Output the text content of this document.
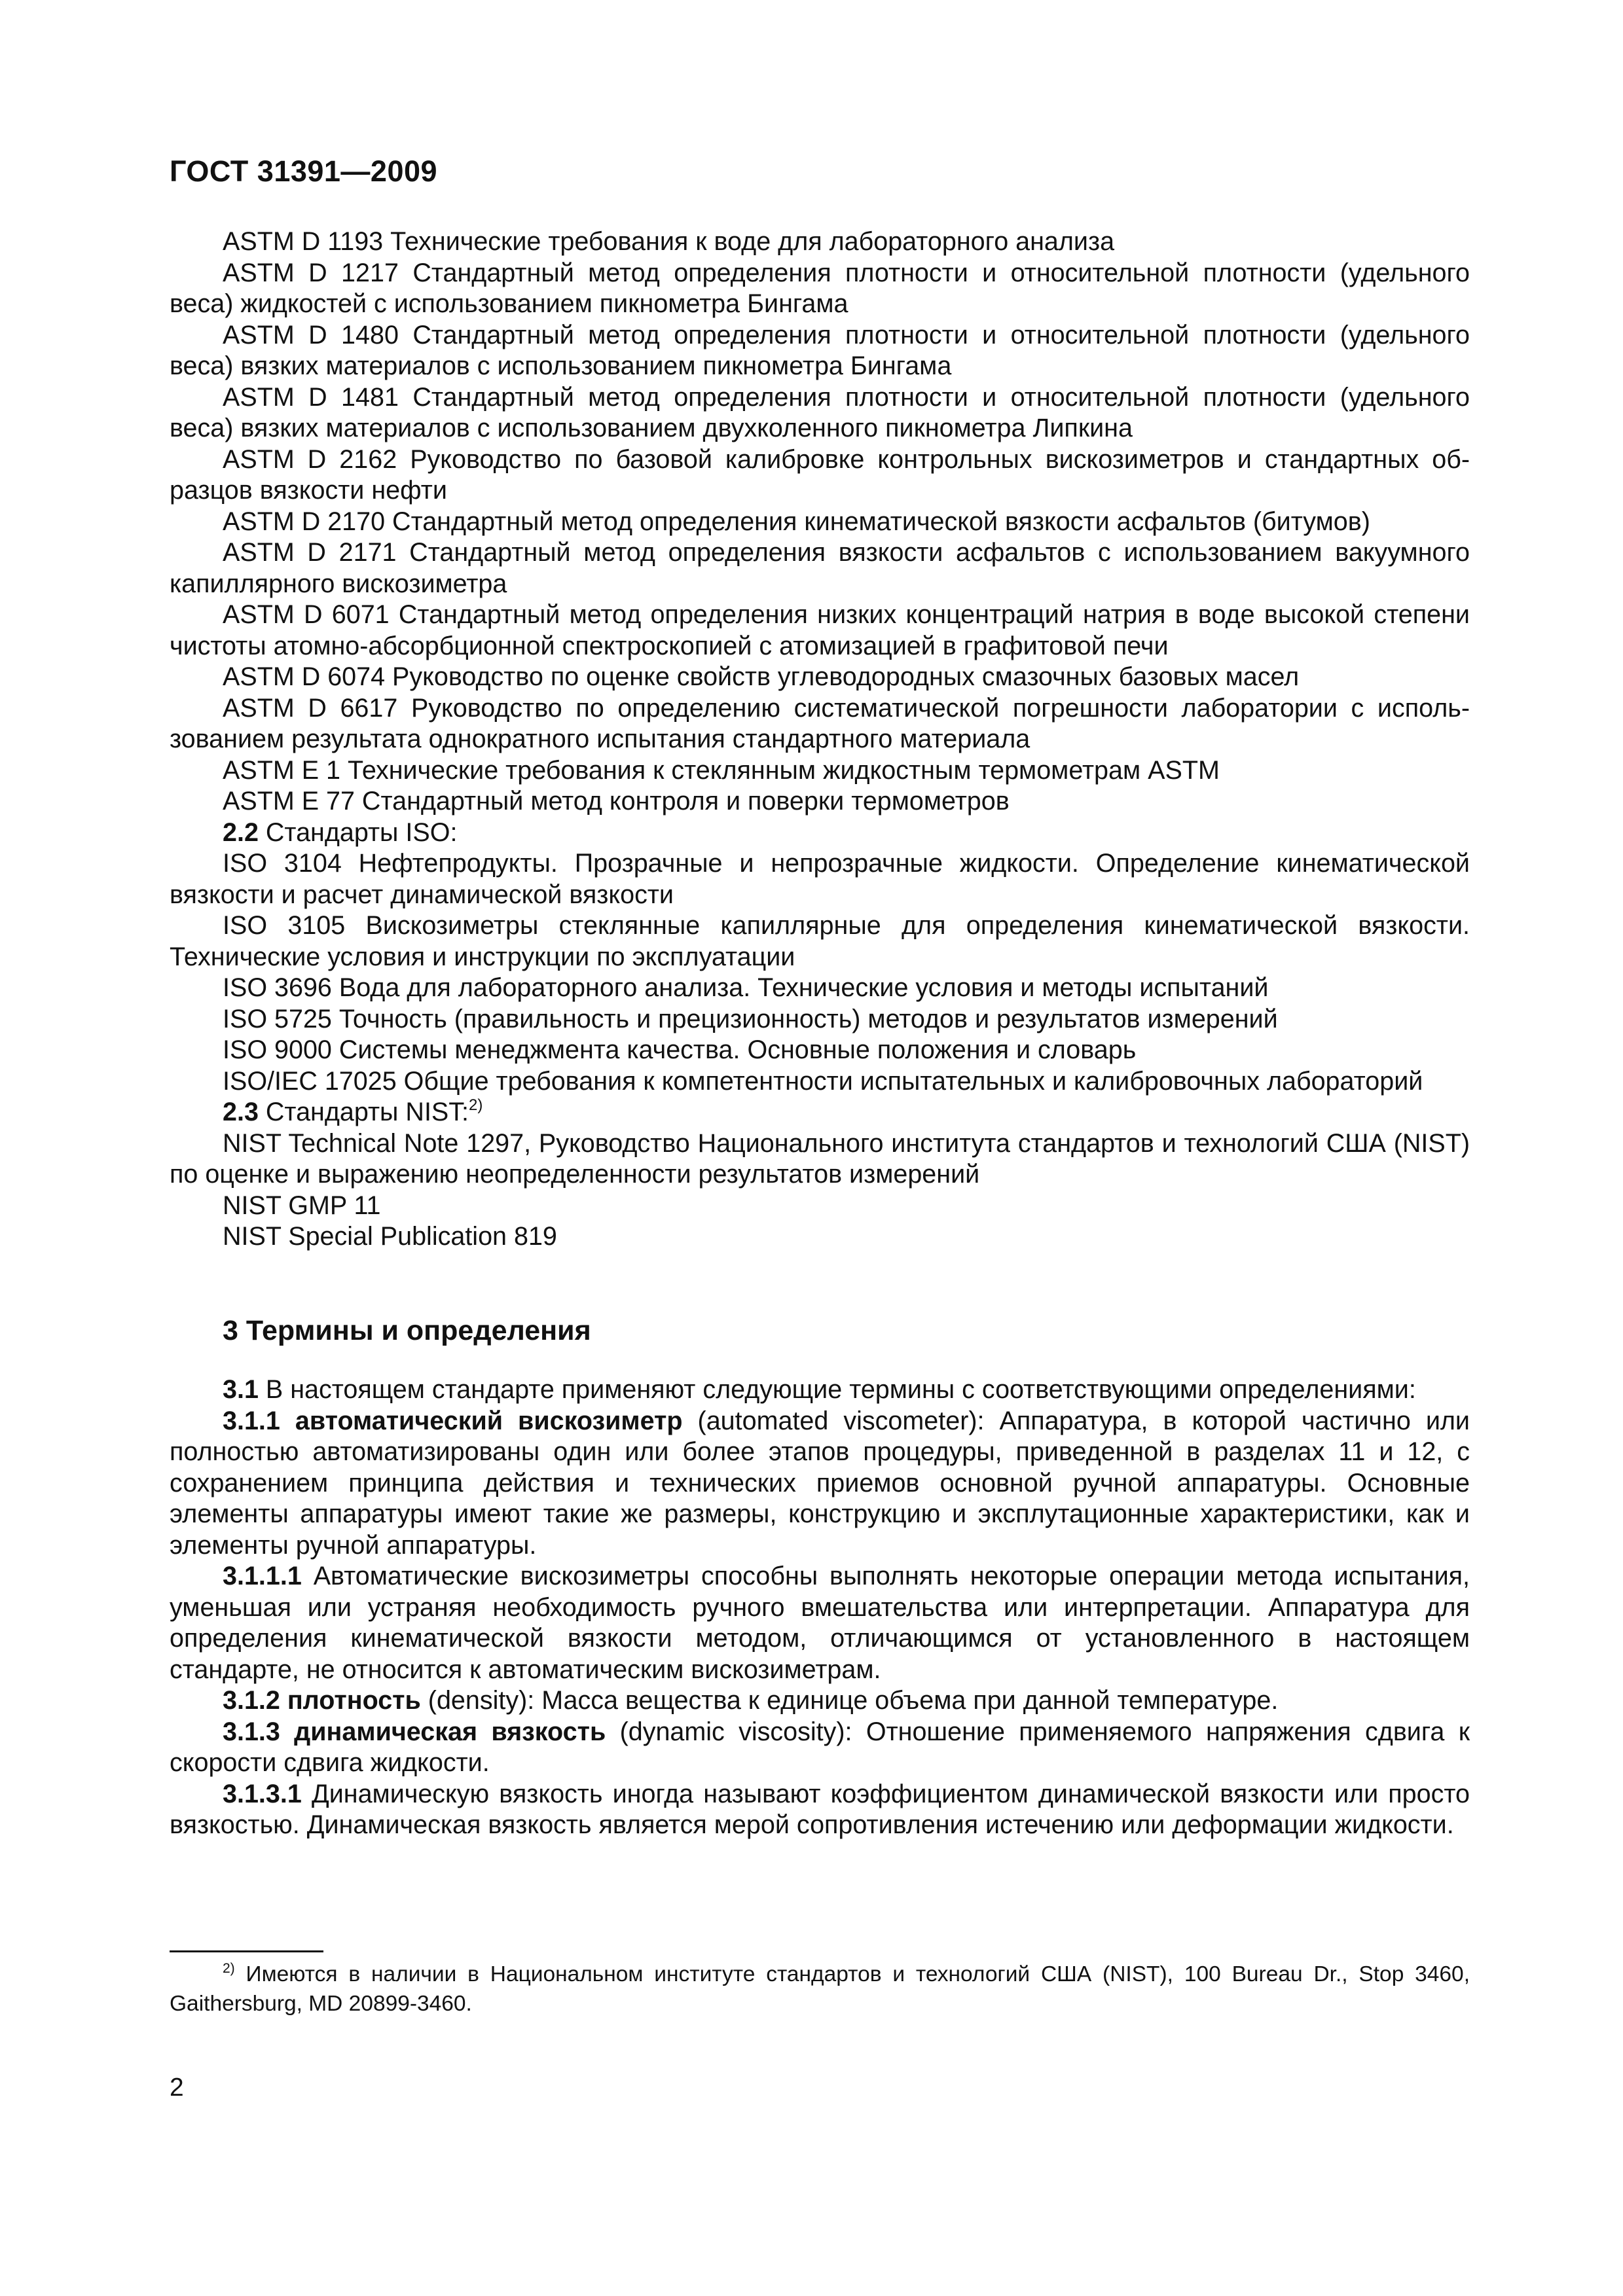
ГОСТ 31391—2009

ASTM D 1193 Технические требования к воде для лабораторного анализа

ASTM D 1217 Стандартный метод определения плотности и относительной плотности (удельного веса) жидкостей с использованием пикнометра Бингама

ASTM D 1480 Стандартный метод определения плотности и относительной плотности (удельного веса) вязких материалов с использованием пикнометра Бингама

ASTM D 1481 Стандартный метод определения плотности и относительной плотности (удельного веса) вязких материалов с использованием двухколенного пикнометра Липкина

ASTM D 2162 Руководство по базовой калибровке контрольных вискозиметров и стандартных образцов вязкости нефти

ASTM D 2170 Стандартный метод определения кинематической вязкости асфальтов (битумов)

ASTM D 2171 Стандартный метод определения вязкости асфальтов с использованием вакуумного капиллярного вискозиметра

ASTM D 6071 Стандартный метод определения низких концентраций натрия в воде высокой степени чистоты атомно-абсорбционной спектроскопией с атомизацией в графитовой печи

ASTM D 6074 Руководство по оценке свойств углеводородных смазочных базовых масел

ASTM D 6617 Руководство по определению систематической погрешности лаборатории с использованием результата однократного испытания стандартного материала

ASTM E 1 Технические требования к стеклянным жидкостным термометрам ASTM

ASTM E 77 Стандартный метод контроля и поверки термометров

2.2 Стандарты ISO:

ISO 3104 Нефтепродукты. Прозрачные и непрозрачные жидкости. Определение кинематической вязкости и расчет динамической вязкости

ISO 3105 Вискозиметры стеклянные капиллярные для определения кинематической вязкости. Технические условия и инструкции по эксплуатации

ISO 3696 Вода для лабораторного анализа. Технические условия и методы испытаний

ISO 5725 Точность (правильность и прецизионность) методов и результатов измерений

ISO 9000 Системы менеджмента качества. Основные положения и словарь

ISO/IEC 17025 Общие требования к компетентности испытательных и калибровочных лабораторий

2.3 Стандарты NIST:$^{2)}$

NIST Technical Note 1297, Руководство Национального института стандартов и технологий США (NIST) по оценке и выражению неопределенности результатов измерений

NIST GMP 11

NIST Special Publication 819

3 Термины и определения

3.1 В настоящем стандарте применяют следующие термины с соответствующими определениями:

3.1.1 автоматический вискозиметр (automated viscometer): Аппаратура, в которой частично или полностью автоматизированы один или более этапов процедуры, приведенной в разделах 11 и 12, с сохранением принципа действия и технических приемов основной ручной аппаратуры. Основные элементы аппаратуры имеют такие же размеры, конструкцию и эксплутационные характеристики, как и элементы ручной аппаратуры.

3.1.1.1 Автоматические вискозиметры способны выполнять некоторые операции метода испытания, уменьшая или устраняя необходимость ручного вмешательства или интерпретации. Аппаратура для определения кинематической вязкости методом, отличающимся от установленного в настоящем стандарте, не относится к автоматическим вискозиметрам.

3.1.2 плотность (density): Масса вещества к единице объема при данной температуре.

3.1.3 динамическая вязкость (dynamic viscosity): Отношение применяемого напряжения сдвига к скорости сдвига жидкости.

3.1.3.1 Динамическую вязкость иногда называют коэффициентом динамической вязкости или просто вязкостью. Динамическая вязкость является мерой сопротивления истечению или деформации жидкости.

$^{2)}$ Имеются в наличии в Национальном институте стандартов и технологий США (NIST), 100 Bureau Dr., Stop 3460, Gaithersburg, MD 20899-3460.
2
